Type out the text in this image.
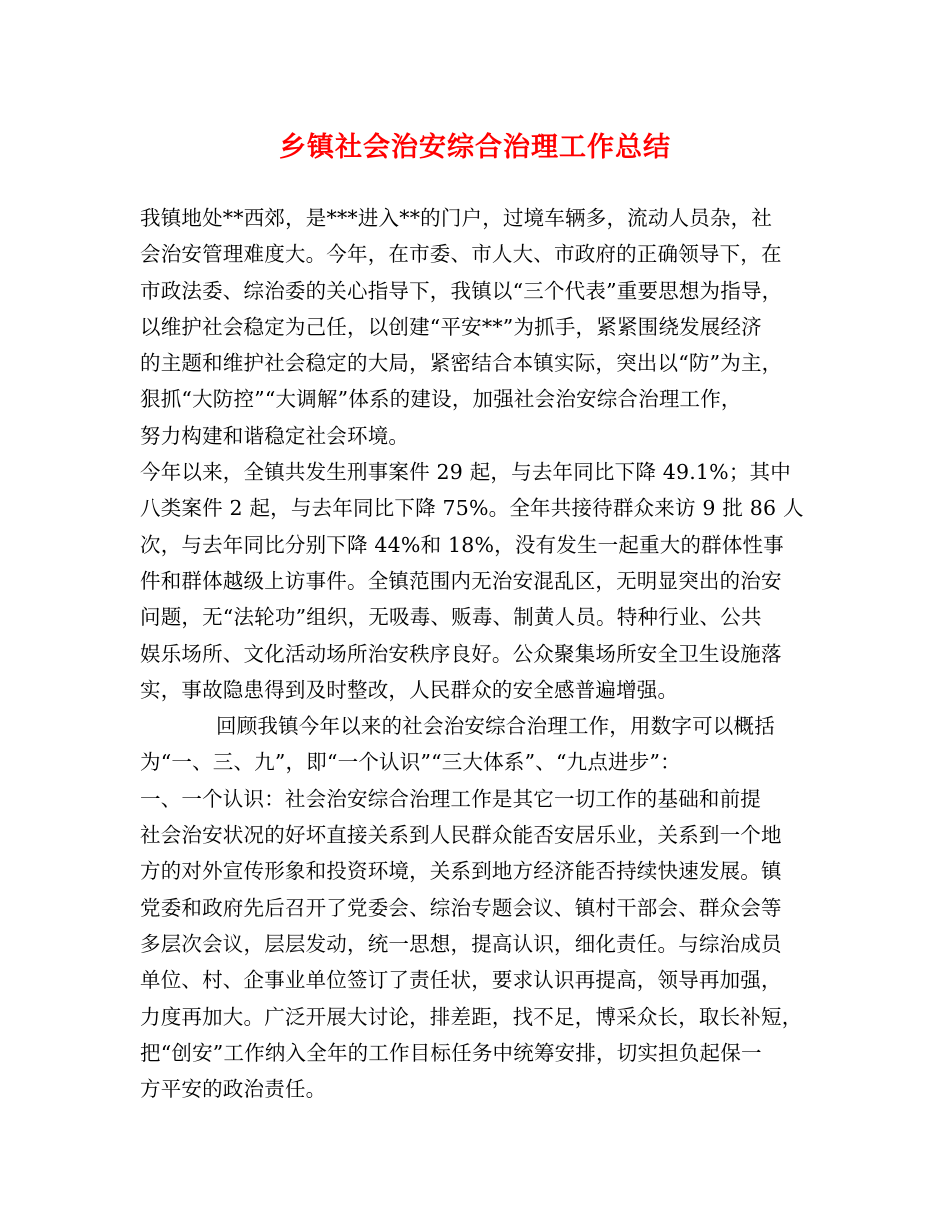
乡镇社会治安综合治理工作总结
我镇地处**西郊，是***进入**的门户，过境车辆多，流动人员杂，社
会治安管理难度大。今年，在市委、市人大、市政府的正确领导下，在
市政法委、综治委的关心指导下，我镇以“三个代表”重要思想为指导，
以维护社会稳定为己任，以创建“平安**”为抓手，紧紧围绕发展经济
的主题和维护社会稳定的大局，紧密结合本镇实际，突出以“防”为主，
狠抓“大防控”“大调解”体系的建设，加强社会治安综合治理工作，
努力构建和谐稳定社会环境。
今年以来，全镇共发生刑事案件 29 起，与去年同比下降 49.1%；其中
八类案件 2 起，与去年同比下降 75%。全年共接待群众来访 9 批 86 人
次，与去年同比分别下降 44%和 18%，没有发生一起重大的群体性事
件和群体越级上访事件。全镇范围内无治安混乱区，无明显突出的治安
问题，无“法轮功”组织，无吸毒、贩毒、制黄人员。特种行业、公共
娱乐场所、文化活动场所治安秩序良好。公众聚集场所安全卫生设施落
实，事故隐患得到及时整改，人民群众的安全感普遍增强。
回顾我镇今年以来的社会治安综合治理工作，用数字可以概括
为“一、三、九”，即“一个认识”“三大体系”、“九点进步”：
一、一个认识：社会治安综合治理工作是其它一切工作的基础和前提
社会治安状况的好坏直接关系到人民群众能否安居乐业，关系到一个地
方的对外宣传形象和投资环境，关系到地方经济能否持续快速发展。镇
党委和政府先后召开了党委会、综治专题会议、镇村干部会、群众会等
多层次会议，层层发动，统一思想，提高认识，细化责任。与综治成员
单位、村、企事业单位签订了责任状，要求认识再提高，领导再加强，
力度再加大。广泛开展大讨论，排差距，找不足，博采众长，取长补短，
把“创安”工作纳入全年的工作目标任务中统筹安排，切实担负起保一
方平安的政治责任。
